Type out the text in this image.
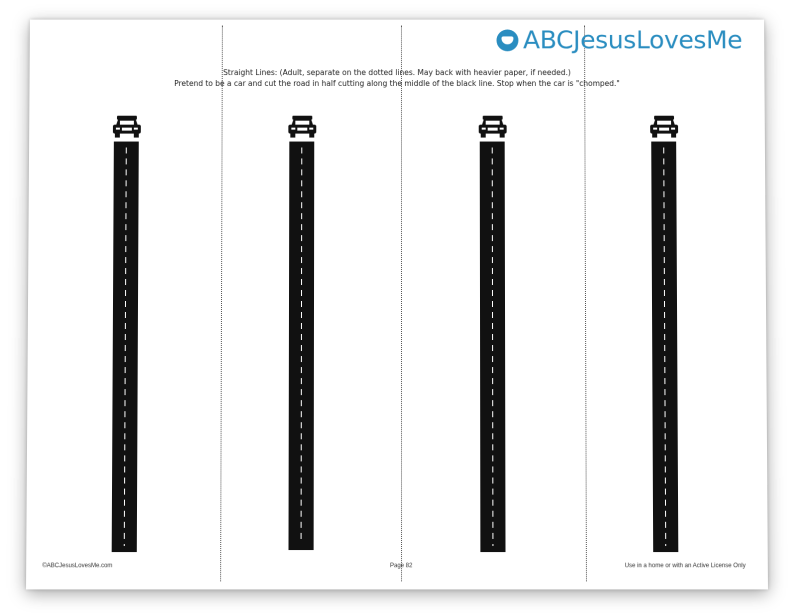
ABCJesusLovesMe
Straight Lines: (Adult, separate on the dotted lines. May back with heavier paper, if needed.)
Pretend to be a car and cut the road in half cutting along the middle of the black line. Stop when the car is "chomped."
©ABCJesusLovesMe.com	Page 82	Use in a home or with an Active License Only
